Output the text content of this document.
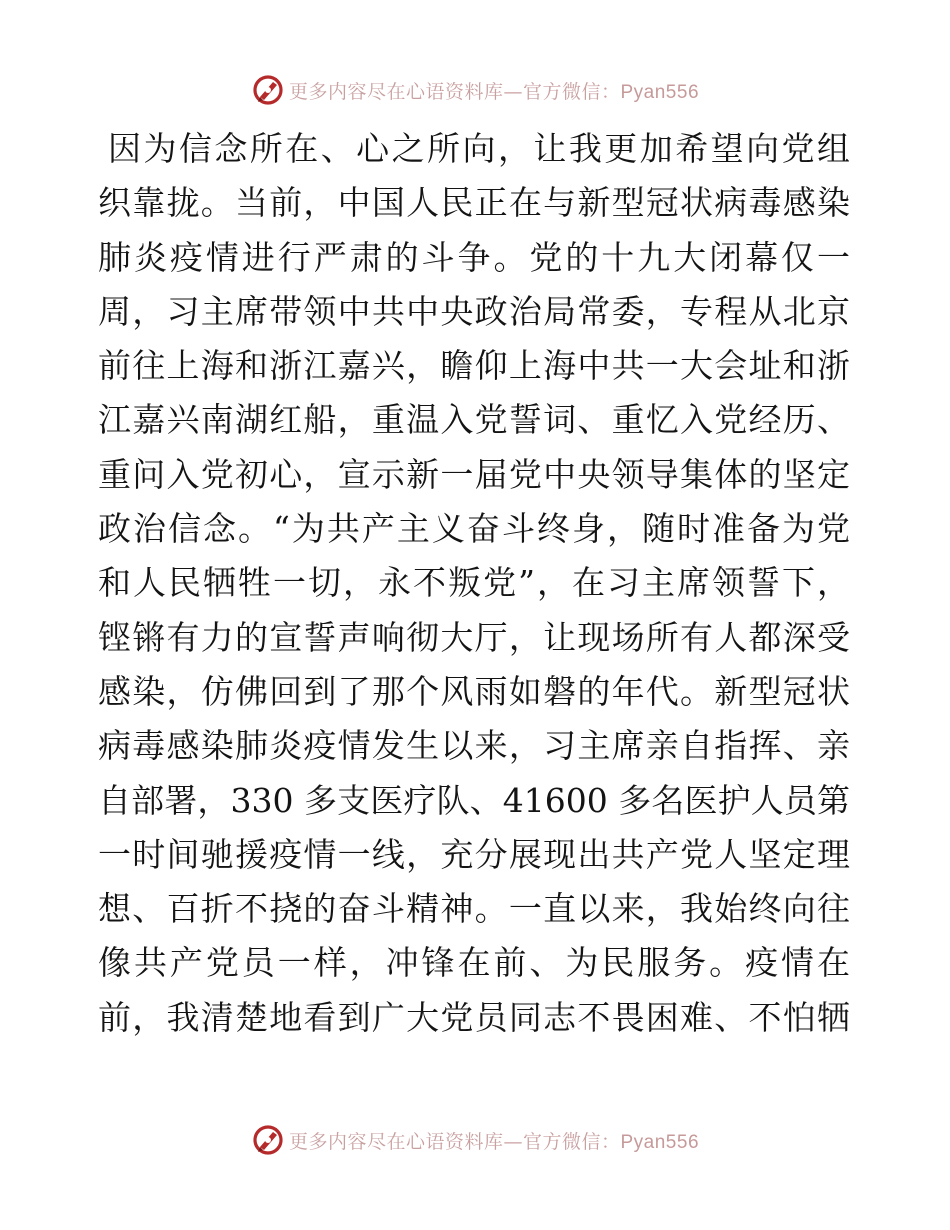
更多内容尽在心语资料库—官方微信：Pyan556
因为信念所在、心之所向，让我更加希望向党组
织靠拢。当前，中国人民正在与新型冠状病毒感染
肺炎疫情进行严肃的斗争。党的十九大闭幕仅一
周，习主席带领中共中央政治局常委，专程从北京
前往上海和浙江嘉兴，瞻仰上海中共一大会址和浙
江嘉兴南湖红船，重温入党誓词、重忆入党经历、
重问入党初心，宣示新一届党中央领导集体的坚定
政治信念。“为共产主义奋斗终身，随时准备为党
和人民牺牲一切，永不叛党”，在习主席领誓下，
铿锵有力的宣誓声响彻大厅，让现场所有人都深受
感染，仿佛回到了那个风雨如磐的年代。新型冠状
病毒感染肺炎疫情发生以来，习主席亲自指挥、亲
自部署，330 多支医疗队、41600 多名医护人员第
一时间驰援疫情一线，充分展现出共产党人坚定理
想、百折不挠的奋斗精神。一直以来，我始终向往
像共产党员一样，冲锋在前、为民服务。疫情在
前，我清楚地看到广大党员同志不畏困难、不怕牺
更多内容尽在心语资料库—官方微信：Pyan556
